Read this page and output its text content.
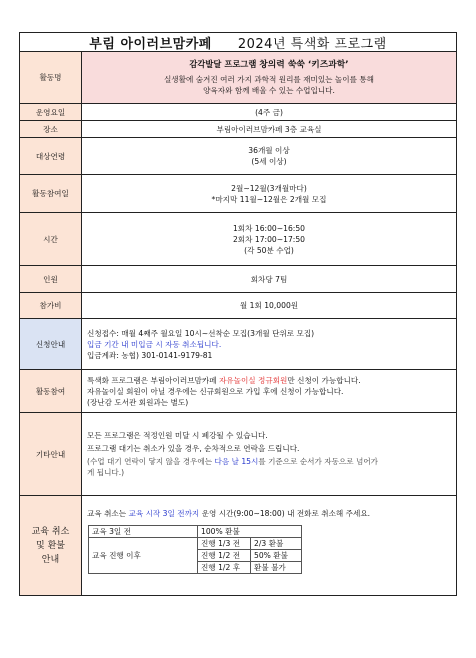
부림 아이러브맘카페 2024년 특색화 프로그램
활동명	
감각발달 프로그램 창의력 쑥쑥 ‘키즈과학’
실생활에 숨겨진 여러 가지 과학적 원리를 재미있는 놀이를 통해
양육자와 함께 배울 수 있는 수업입니다.

운영요일	(4주 금)
장소	부림아이러브맘카페 3층 교육실
대상연령	
36개월 이상
(5세 이상)

활동참여일	
2월~12월(3개월마다)
*마지막 11월~12월은 2개월 모집

시간	
1회차 16:00~16:50
2회차 17:00~17:50
(각 50분 수업)

인원	회차당 7팀
참가비	월 1회 10,000원
신청안내	
신청접수: 매월 4째주 월요일 10시~선착순 모집(3개월 단위로 모집)
입금 기간 내 미입금 시 자동 취소됩니다.
입금계좌: 농협) 301-0141-9179-81

활동참여	
특색화 프로그램은 부림아이러브맘카페 자유놀이실 정규회원만 신청이 가능합니다.
자유놀이실 회원이 아닐 경우에는 신규회원으로 가입 후에 신청이 가능합니다.
(장난감 도서관 회원과는 별도)

기타안내	
모든 프로그램은 적정인원 미달 시 폐강될 수 있습니다.
프로그램 대기는 취소가 있을 경우, 순차적으로 연락을 드립니다.
(수업 대기 연락이 닿지 않을 경우에는 다음 날 15시를 기준으로 순서가 자동으로 넘어가
게 됩니다.)

교육 취소
및 환불
안내

교육 취소는 교육 시작 3일 전까지 운영 시간(9:00~18:00) 내 전화로 취소해 주세요.
교육 3일 전	100% 환불
교육 진행 이후	진행 1/3 전	2/3 환불
진행 1/2 전	50% 환불
진행 1/2 후	환불 불가
